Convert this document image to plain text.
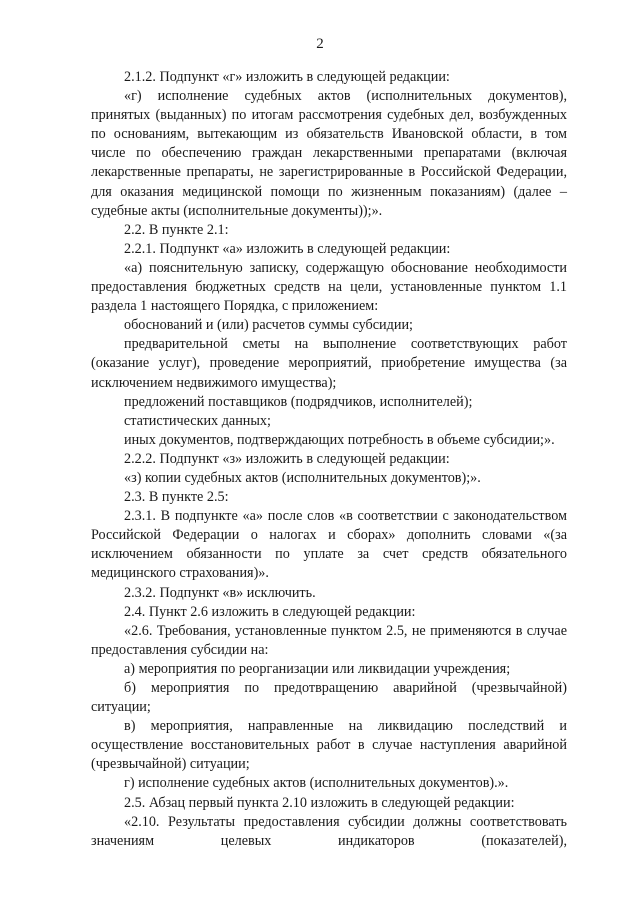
2

2.1.2. Подпункт «г» изложить в следующей редакции:

«г) исполнение судебных актов (исполнительных документов), принятых (выданных) по итогам рассмотрения судебных дел, возбужденных по основаниям, вытекающим из обязательств Ивановской области, в том числе по обеспечению граждан лекарственными препаратами (включая лекарственные препараты, не зарегистрированные в Российской Федерации, для оказания медицинской помощи по жизненным показаниям) (далее – судебные акты (исполнительные документы));».

2.2. В пункте 2.1:

2.2.1. Подпункт «а» изложить в следующей редакции:

«а) пояснительную записку, содержащую обоснование необходимости предоставления бюджетных средств на цели, установленные пунктом 1.1 раздела 1 настоящего Порядка, с приложением:

обоснований и (или) расчетов суммы субсидии;

предварительной сметы на выполнение соответствующих работ (оказание услуг), проведение мероприятий, приобретение имущества (за исключением недвижимого имущества);

предложений поставщиков (подрядчиков, исполнителей);

статистических данных;

иных документов, подтверждающих потребность в объеме субсидии;».

2.2.2. Подпункт «з» изложить в следующей редакции:

«з) копии судебных актов (исполнительных документов);».

2.3. В пункте 2.5:

2.3.1. В подпункте «а» после слов «в соответствии с законодательством Российской Федерации о налогах и сборах» дополнить словами «(за исключением обязанности по уплате за счет средств обязательного медицинского страхования)».

2.3.2. Подпункт «в» исключить.

2.4. Пункт 2.6 изложить в следующей редакции:

«2.6. Требования, установленные пунктом 2.5, не применяются в случае предоставления субсидии на:

а) мероприятия по реорганизации или ликвидации учреждения;

б) мероприятия по предотвращению аварийной (чрезвычайной) ситуации;

в) мероприятия, направленные на ликвидацию последствий и осуществление восстановительных работ в случае наступления аварийной (чрезвычайной) ситуации;

г) исполнение судебных актов (исполнительных документов).».

2.5. Абзац первый пункта 2.10 изложить в следующей редакции:

«2.10. Результаты предоставления субсидии должны соответствовать значениям целевых индикаторов (показателей),
